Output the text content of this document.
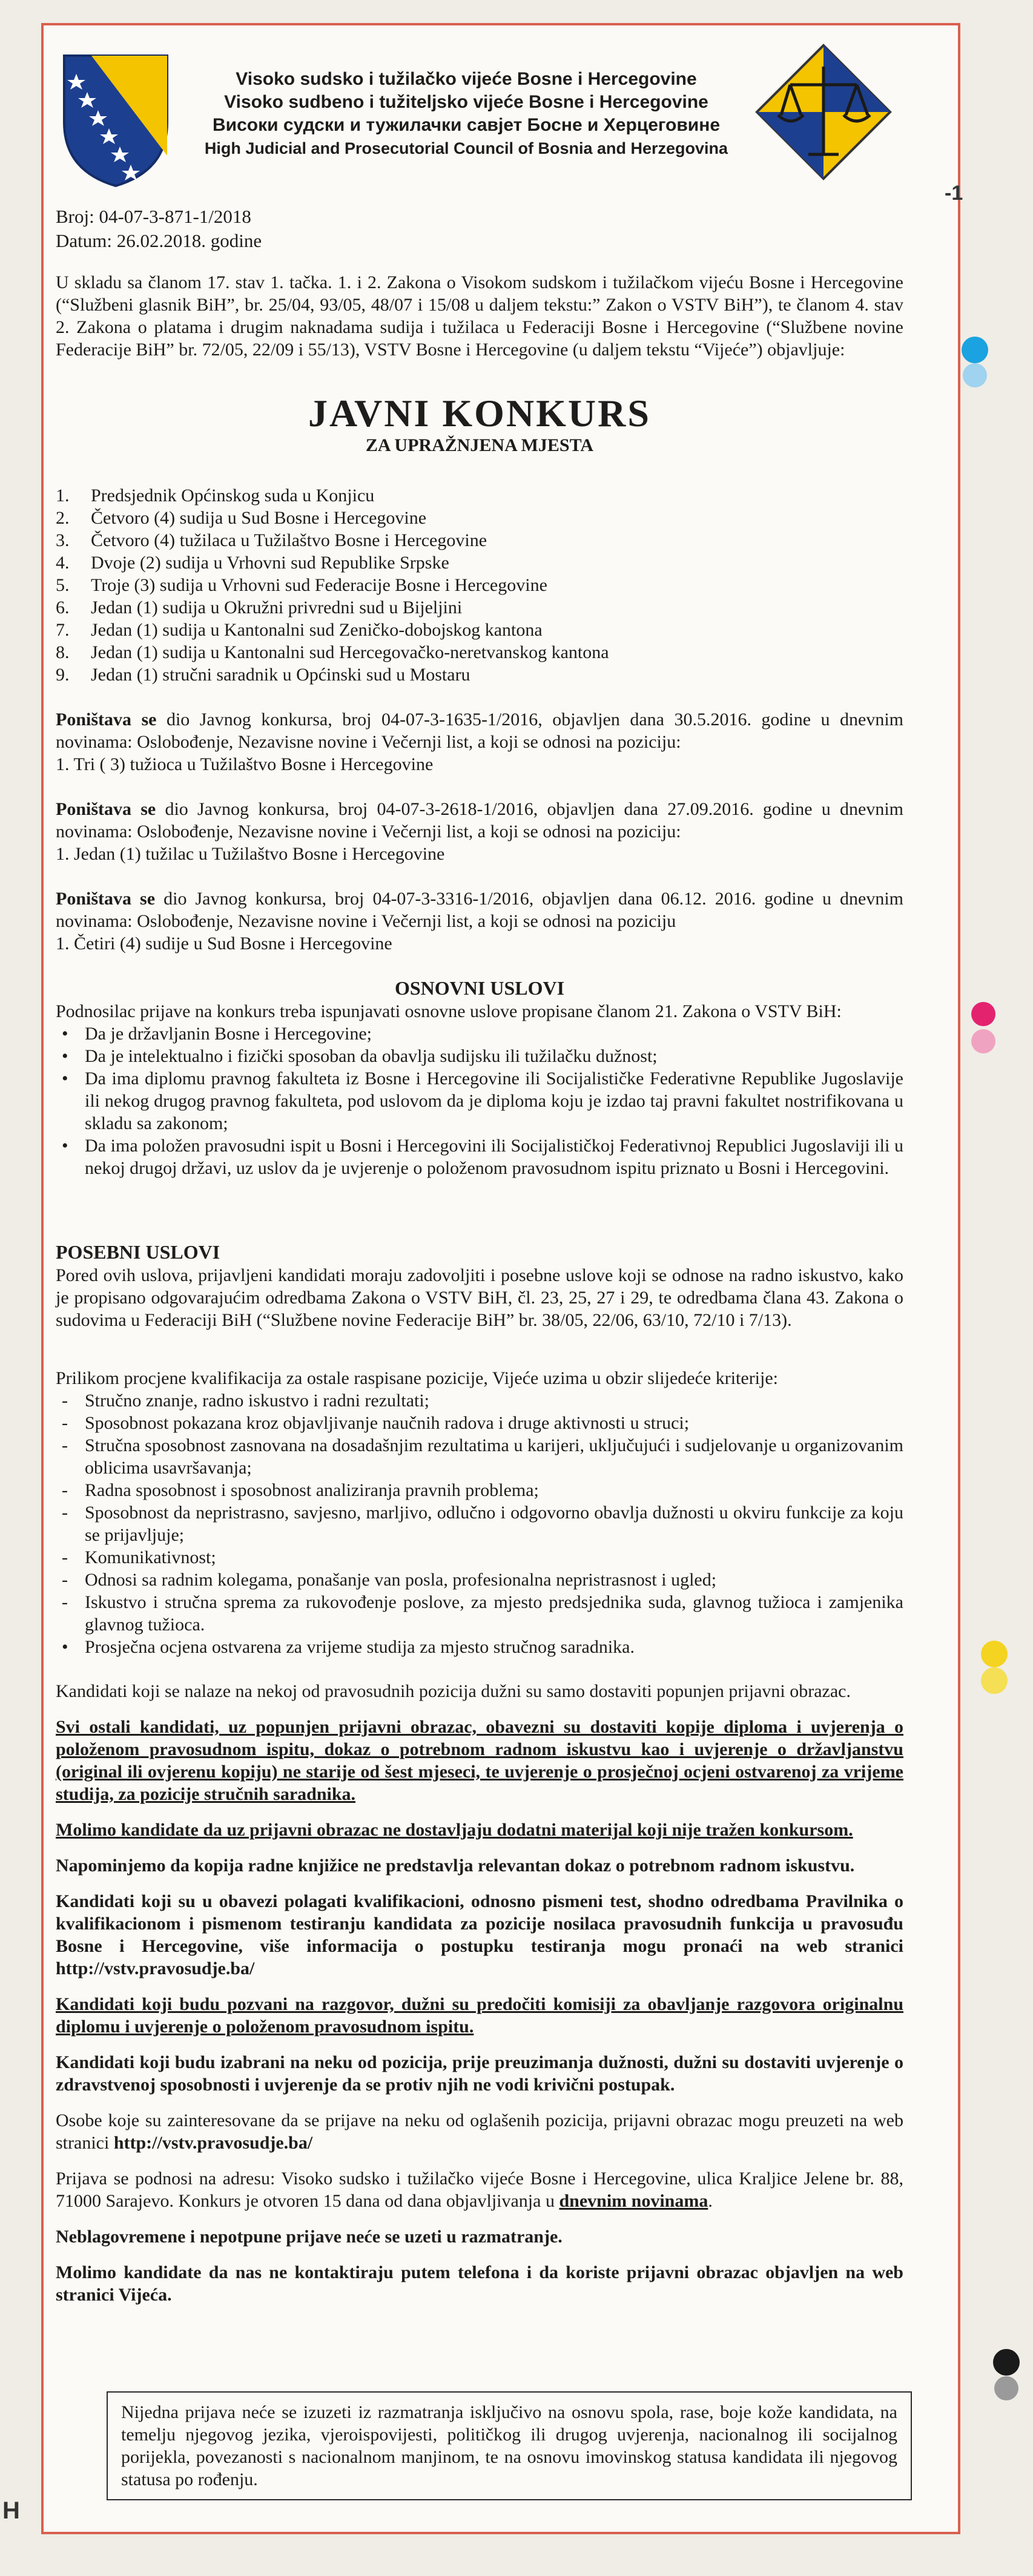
Visoko sudsko i tužilačko vijeće Bosne i Hercegovine
Visoko sudbeno i tužiteljsko vijeće Bosne i Hercegovine
Високи судски и тужилачки савјет Босне и Херцеговине
High Judicial and Prosecutorial Council of Bosnia and Herzegovina
Broj: 04-07-3-871-1/2018
Datum: 26.02.2018. godine

U skladu sa članom 17. stav 1. tačka. 1. i 2. Zakona o Visokom sudskom i tužilačkom vijeću Bosne i Hercegovine (“Službeni glasnik BiH”, br. 25/04, 93/05, 48/07 i 15/08 u daljem tekstu:” Zakon o VSTV BiH”), te članom 4. stav 2. Zakona o platama i drugim naknadama sudija i tužilaca u Federaciji Bosne i Hercegovine (“Službene novine Federacije BiH” br. 72/05, 22/09 i 55/13), VSTV Bosne i Hercegovine (u daljem tekstu “Vijeće”) objavljuje:

JAVNI KONKURS
ZA UPRAŽNJENA MJESTA
1. Predsjednik Općinskog suda u Konjicu
2. Četvoro (4) sudija u Sud Bosne i Hercegovine
3. Četvoro (4) tužilaca u Tužilaštvo Bosne i Hercegovine
4. Dvoje (2) sudija u Vrhovni sud Republike Srpske
5. Troje (3) sudija u Vrhovni sud Federacije Bosne i Hercegovine
6. Jedan (1) sudija u Okružni privredni sud u Bijeljini
7. Jedan (1) sudija u Kantonalni sud Zeničko-dobojskog kantona
8. Jedan (1) sudija u Kantonalni sud Hercegovačko-neretvanskog kantona
9. Jedan (1) stručni saradnik u Općinski sud u Mostaru

Poništava se dio Javnog konkursa, broj 04-07-3-1635-1/2016, objavljen dana 30.5.2016. godine u dnevnim novinama: Oslobođenje, Nezavisne novine i Večernji list, a koji se odnosi na poziciju:

1. Tri ( 3) tužioca u Tužilaštvo Bosne i Hercegovine

Poništava se dio Javnog konkursa, broj 04-07-3-2618-1/2016, objavljen dana 27.09.2016. godine u dnevnim novinama: Oslobođenje, Nezavisne novine i Večernji list, a koji se odnosi na poziciju:

1. Jedan (1) tužilac u Tužilaštvo Bosne i Hercegovine

Poništava se dio Javnog konkursa, broj 04-07-3-3316-1/2016, objavljen dana 06.12. 2016. godine u dnevnim novinama: Oslobođenje, Nezavisne novine i Večernji list, a koji se odnosi na poziciju

1. Četiri (4) sudije u Sud Bosne i Hercegovine

OSNOVNI USLOVI

Podnosilac prijave na konkurs treba ispunjavati osnovne uslove propisane članom 21. Zakona o VSTV BiH:

• Da je državljanin Bosne i Hercegovine;
• Da je intelektualno i fizički sposoban da obavlja sudijsku ili tužilačku dužnost;
• Da ima diplomu pravnog fakulteta iz Bosne i Hercegovine ili Socijalističke Federativne Republike Jugoslavije ili nekog drugog pravnog fakulteta, pod uslovom da je diploma koju je izdao taj pravni fakultet nostrifikovana u skladu sa zakonom;
• Da ima položen pravosudni ispit u Bosni i Hercegovini ili Socijalističkoj Federativnoj Republici Jugoslaviji ili u nekoj drugoj državi, uz uslov da je uvjerenje o položenom pravosudnom ispitu priznato u Bosni i Hercegovini.
POSEBNI USLOVI

Pored ovih uslova, prijavljeni kandidati moraju zadovoljiti i posebne uslove koji se odnose na radno iskustvo, kako je propisano odgovarajućim odredbama Zakona o VSTV BiH, čl. 23, 25, 27 i 29, te odredbama člana 43. Zakona o sudovima u Federaciji BiH (“Službene novine Federacije BiH” br. 38/05, 22/06, 63/10, 72/10 i 7/13).

Prilikom procjene kvalifikacija za ostale raspisane pozicije, Vijeće uzima u obzir slijedeće kriterije:

- Stručno znanje, radno iskustvo i radni rezultati;
- Sposobnost pokazana kroz objavljivanje naučnih radova i druge aktivnosti u struci;
- Stručna sposobnost zasnovana na dosadašnjim rezultatima u karijeri, uključujući i sudjelovanje u organizovanim oblicima usavršavanja;
- Radna sposobnost i sposobnost analiziranja pravnih problema;
- Sposobnost da nepristrasno, savjesno, marljivo, odlučno i odgovorno obavlja dužnosti u okviru funkcije za koju se prijavljuje;
- Komunikativnost;
- Odnosi sa radnim kolegama, ponašanje van posla, profesionalna nepristrasnost i ugled;
- Iskustvo i stručna sprema za rukovođenje poslove, za mjesto predsjednika suda, glavnog tužioca i zamjenika glavnog tužioca.
• Prosječna ocjena ostvarena za vrijeme studija za mjesto stručnog saradnika.

Kandidati koji se nalaze na nekoj od pravosudnih pozicija dužni su samo dostaviti popunjen prijavni obrazac.

Svi ostali kandidati, uz popunjen prijavni obrazac, obavezni su dostaviti kopije diploma i uvjerenja o položenom pravosudnom ispitu, dokaz o potrebnom radnom iskustvu kao i uvjerenje o državljanstvu (original ili ovjerenu kopiju) ne starije od šest mjeseci, te uvjerenje o prosječnoj ocjeni ostvarenoj za vrijeme studija, za pozicije stručnih saradnika.

Molimo kandidate da uz prijavni obrazac ne dostavljaju dodatni materijal koji nije tražen konkursom.

Napominjemo da kopija radne knjižice ne predstavlja relevantan dokaz o potrebnom radnom iskustvu.

Kandidati koji su u obavezi polagati kvalifikacioni, odnosno pismeni test, shodno odredbama Pravilnika o kvalifikacionom i pismenom testiranju kandidata za pozicije nosilaca pravosudnih funkcija u pravosuđu Bosne i Hercegovine, više informacija o postupku testiranja mogu pronaći na web stranici http://vstv.pravosudje.ba/

Kandidati koji budu pozvani na razgovor, dužni su predočiti komisiji za obavljanje razgovora originalnu diplomu i uvjerenje o položenom pravosudnom ispitu.

Kandidati koji budu izabrani na neku od pozicija, prije preuzimanja dužnosti, dužni su dostaviti uvjerenje o zdravstvenoj sposobnosti i uvjerenje da se protiv njih ne vodi krivični postupak.

Osobe koje su zainteresovane da se prijave na neku od oglašenih pozicija, prijavni obrazac mogu preuzeti na web stranici http://vstv.pravosudje.ba/

Prijava se podnosi na adresu: Visoko sudsko i tužilačko vijeće Bosne i Hercegovine, ulica Kraljice Jelene br. 88, 71000 Sarajevo. Konkurs je otvoren 15 dana od dana objavljivanja u dnevnim novinama.

Neblagovremene i nepotpune prijave neće se uzeti u razmatranje.

Molimo kandidate da nas ne kontaktiraju putem telefona i da koriste prijavni obrazac objavljen na web stranici Vijeća.

Nijedna prijava neće se izuzeti iz razmatranja isključivo na osnovu spola, rase, boje kože kandidata, na temelju njegovog jezika, vjeroispovijesti, političkog ili drugog uvjerenja, nacionalnog ili socijalnog porijekla, povezanosti s nacionalnom manjinom, te na osnovu imovinskog statusa kandidata ili njegovog statusa po rođenju.

-1
H
